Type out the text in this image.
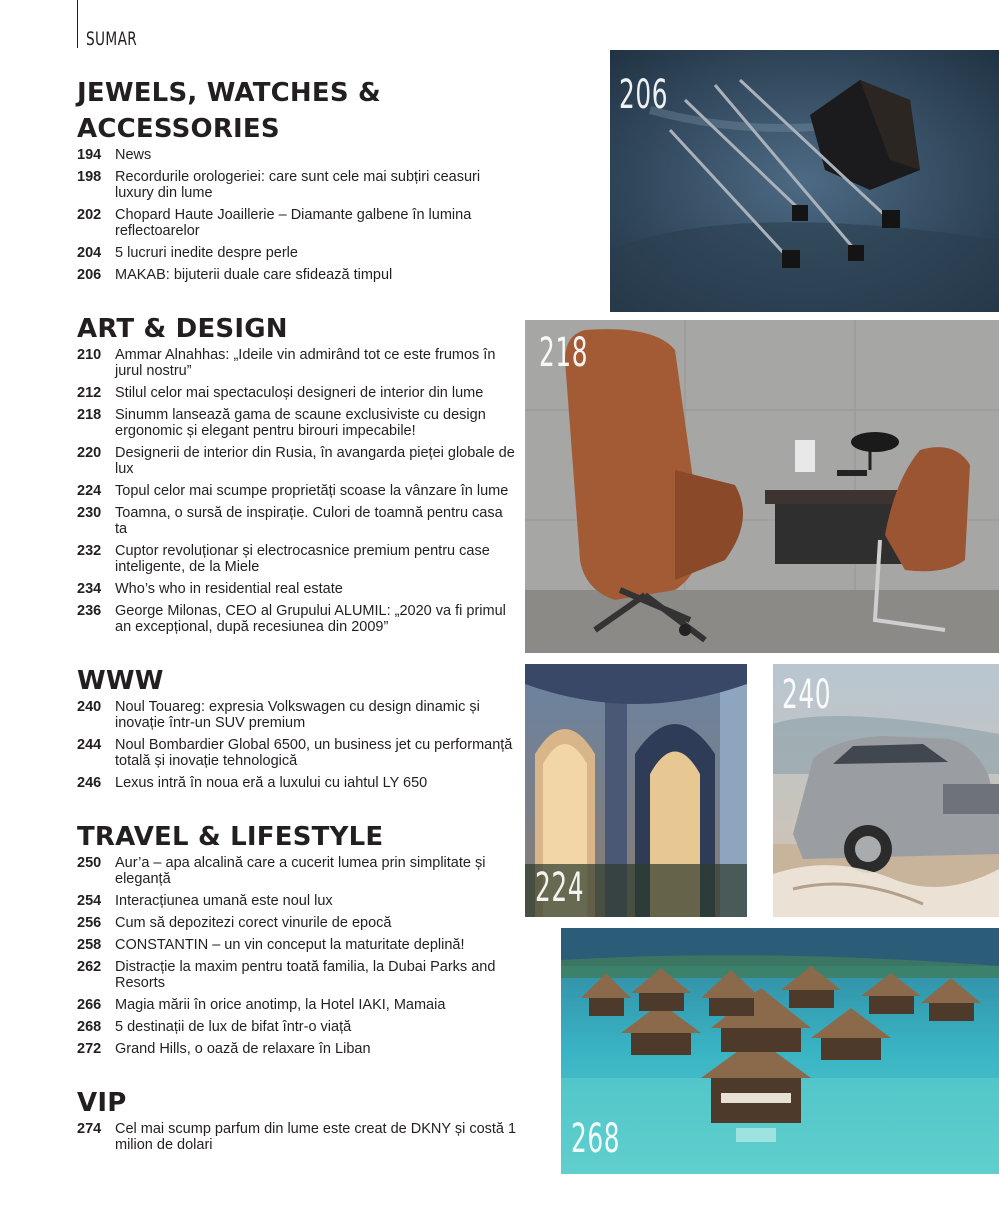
SUMAR
JEWELS, WATCHES &
ACCESSORIES
194 News
198 Recordurile orologeriei: care sunt cele mai subțiri ceasuri luxury din lume
202 Chopard Haute Joaillerie – Diamante galbene în lumina reflectoarelor
204 5 lucruri inedite despre perle
206 MAKAB: bijuterii duale care sfidează timpul
ART & DESIGN
210 Ammar Alnahhas: „Ideile vin admirând tot ce este frumos în jurul nostru”
212 Stilul celor mai spectaculoși designeri de interior din lume
218 Sinumm lansează gama de scaune exclusiviste cu design ergonomic și elegant pentru birouri impecabile!
220 Designerii de interior din Rusia, în avangarda pieței globale de lux
224 Topul celor mai scumpe proprietăți scoase la vânzare în lume
230 Toamna, o sursă de inspirație. Culori de toamnă pentru casa ta
232 Cuptor revoluționar și electrocasnice premium pentru case inteligente, de la Miele
234 Who’s who in residential real estate
236 George Milonas, CEO al Grupului ALUMIL: „2020 va fi primul an excepțional, după recesiunea din 2009”
WWW
240 Noul Touareg: expresia Volkswagen cu design dinamic și inovație într-un SUV premium
244 Noul Bombardier Global 6500, un business jet cu performanță totală și inovație tehnologică
246 Lexus intră în noua eră a luxului cu iahtul LY 650
TRAVEL & LIFESTYLE
250 Aur’a – apa alcalină care a cucerit lumea prin simplitate și eleganță
254 Interacțiunea umană este noul lux
256 Cum să depozitezi corect vinurile de epocă
258 CONSTANTIN – un vin conceput la maturitate deplină!
262 Distracție la maxim pentru toată familia, la Dubai Parks and Resorts
266 Magia mării în orice anotimp, la Hotel IAKI, Mamaia
268 5 destinații de lux de bifat într-o viață
272 Grand Hills, o oază de relaxare în Liban
VIP
274 Cel mai scump parfum din lume este creat de DKNY și costă 1 milion de dolari
206
218
224
240
268
